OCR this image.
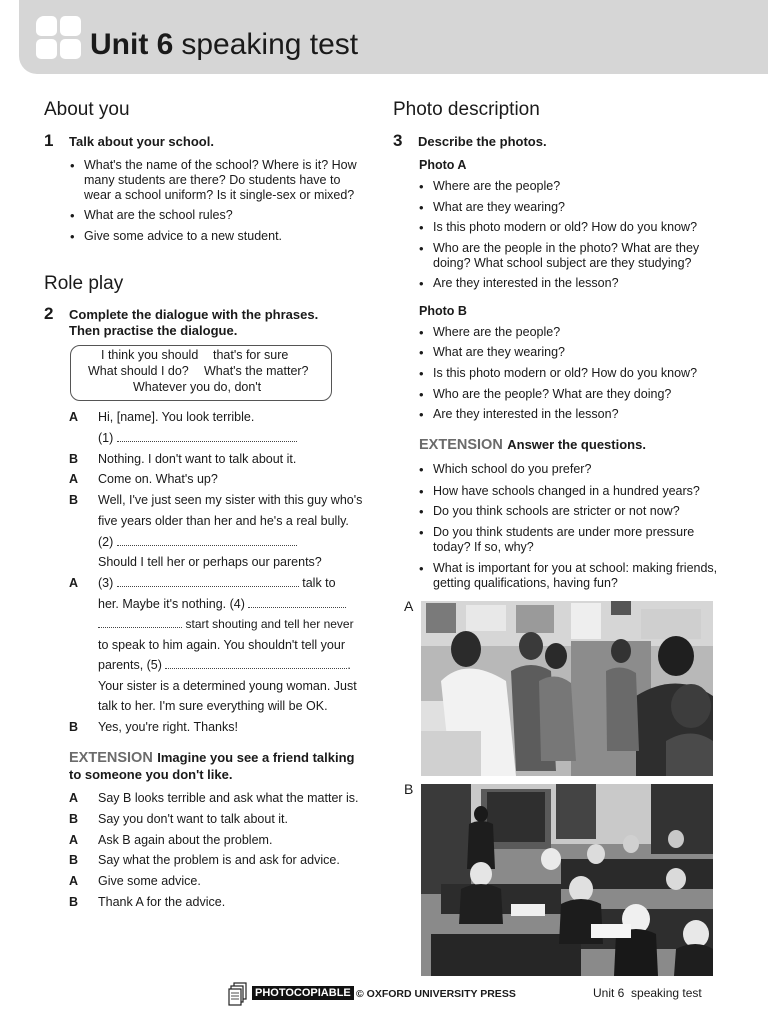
Unit 6 speaking test
About you
1 Talk about your school.
• What's the name of the school? Where is it? How many students are there? Do students have to wear a school uniform? Is it single-sex or mixed?
• What are the school rules?
• Give some advice to a new student.
Role play
2 Complete the dialogue with the phrases.
Then practise the dialogue.
I think you should that's for sure
What should I do? What's the matter?
Whatever you do, don't
A Hi, [name]. You look terrible.
(1)
B Nothing. I don't want to talk about it.
A Come on. What's up?
B Well, I've just seen my sister with this guy who's
five years older than her and he's a real bully.
(2)
Should I tell her or perhaps our parents?
A (3)	talk to
her. Maybe it's nothing. (4)
start shouting and tell her never
to speak to him again. You shouldn't tell your
parents, (5)	.
Your sister is a determined young woman. Just
talk to her. I'm sure everything will be OK.
B Yes, you're right. Thanks!
EXTENSION Imagine you see a friend talking
to someone you don't like.
A Say B looks terrible and ask what the matter is.
B Say you don't want to talk about it.
A Ask B again about the problem.
B Say what the problem is and ask for advice.
A Give some advice.
B Thank A for the advice.
Photo description
3 Describe the photos.
Photo A
• Where are the people?
• What are they wearing?
• Is this photo modern or old? How do you know?
• Who are the people in the photo? What are they doing? What school subject are they studying?
• Are they interested in the lesson?
Photo B
• Where are the people?
• What are they wearing?
• Is this photo modern or old? How do you know?
• Who are the people? What are they doing?
• Are they interested in the lesson?
EXTENSION Answer the questions.
• Which school do you prefer?
• How have schools changed in a hundred years?
• Do you think schools are stricter or not now?
• Do you think students are under more pressure today? If so, why?
• What is important for you at school: making friends, getting qualifications, having fun?
A
B
PHOTOCOPIABLE © OXFORD UNIVERSITY PRESS	Unit 6  speaking test
